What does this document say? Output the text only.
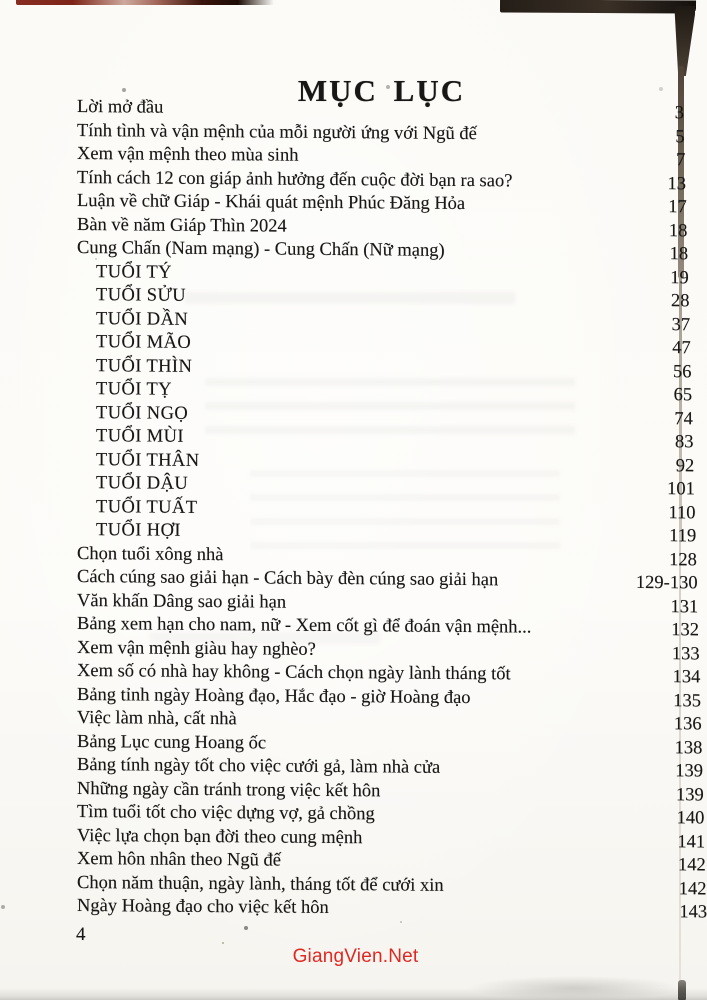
MỤC LỤC
Lời mở đầu	3
Tính tình và vận mệnh của mỗi người ứng với Ngũ đế	5
Xem vận mệnh theo mùa sinh	7
Tính cách 12 con giáp ảnh hưởng đến cuộc đời bạn ra sao?	13
Luận về chữ Giáp - Khái quát mệnh Phúc Đăng Hỏa	17
Bàn về năm Giáp Thìn 2024	18
Cung Chấn (Nam mạng) - Cung Chấn (Nữ mạng)	18
TUỔI TÝ	19
TUỔI SỬU	28
TUỔI DẦN	37
TUỔI MÃO	47
TUỔI THÌN	56
TUỔI TỴ	65
TUỔI NGỌ	74
TUỔI MÙI	83
TUỔI THÂN	92
TUỔI DẬU	101
TUỔI TUẤT	110
TUỔI HỢI	119
Chọn tuổi xông nhà	128
Cách cúng sao giải hạn - Cách bày đèn cúng sao giải hạn	129-130
Văn khấn Dâng sao giải hạn	131
Bảng xem hạn cho nam, nữ - Xem cốt gì để đoán vận mệnh...	132
Xem vận mệnh giàu hay nghèo?	133
Xem số có nhà hay không - Cách chọn ngày lành tháng tốt	134
Bảng tỉnh ngày Hoàng đạo, Hắc đạo - giờ Hoàng đạo	135
Việc làm nhà, cất nhà	136
Bảng Lục cung Hoang ốc	138
Bảng tính ngày tốt cho việc cưới gả, làm nhà cửa	139
Những ngày cần tránh trong việc kết hôn	139
Tìm tuổi tốt cho việc dựng vợ, gả chồng	140
Việc lựa chọn bạn đời theo cung mệnh	141
Xem hôn nhân theo Ngũ đế	142
Chọn năm thuận, ngày lành, tháng tốt để cưới xin	142
Ngày Hoàng đạo cho việc kết hôn	143
4
GiangVien.Net
